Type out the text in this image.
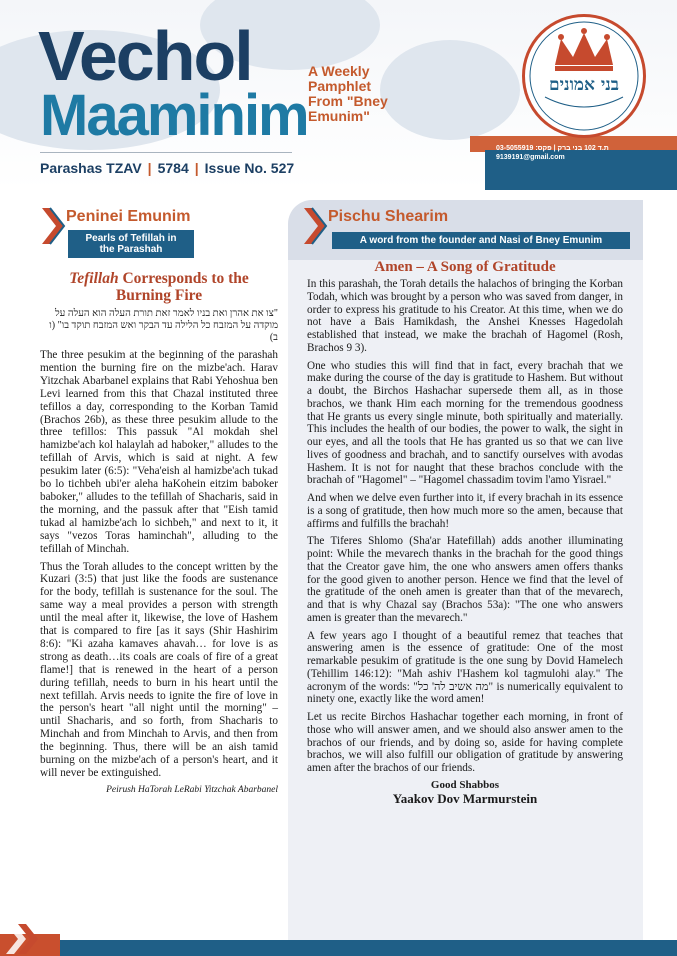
Vechol
Maaminim
A Weekly Pamphlet From "Bney Emunim"
Parashas TZAV | 5784 | Issue No. 527
ת.ד 102 בני ברק | פקס: 03-5055919
9139191@gmail.com
בני אמונים
Peninei Emunim
Pearls of Tefillah in the Parashah
Tefillah Corresponds to the Burning Fire
"צו את אהרן ואת בניו לאמר זאת תורת העלה הוא העלה על מוקדה על המזבח כל הלילה עד הבקר ואש המזבח תוקד בו" (ו ב)

The three pesukim at the beginning of the parashah mention the burning fire on the mizbe'ach. Harav Yitzchak Abarbanel explains that Rabi Yehoshua ben Levi learned from this that Chazal instituted three tefillos a day, corresponding to the Korban Tamid (Brachos 26b), as these three pesukim allude to the three tefillos: This passuk "Al mokdah shel hamizbe'ach kol halaylah ad haboker," alludes to the tefillah of Arvis, which is said at night. A few pesukim later (6:5): "Veha'eish al hamizbe'ach tukad bo lo tichbeh ubi'er aleha haKohein eitzim baboker baboker," alludes to the tefillah of Shacharis, said in the morning, and the passuk after that "Eish tamid tukad al hamizbe'ach lo sichbeh," and next to it, it says "vezos Toras haminchah", alluding to the tefillah of Minchah.

Thus the Torah alludes to the concept written by the Kuzari (3:5) that just like the foods are sustenance for the body, tefillah is sustenance for the soul. The same way a meal provides a person with strength until the meal after it, likewise, the love of Hashem that is compared to fire [as it says (Shir Hashirim 8:6): "Ki azaha kamaves ahavah… for love is as strong as death…its coals are coals of fire of a great flame!] that is renewed in the heart of a person during tefillah, needs to burn in his heart until the next tefillah. Arvis needs to ignite the fire of love in the person's heart "all night until the morning" – until Shacharis, and so forth, from Shacharis to Minchah and from Minchah to Arvis, and then from the beginning. Thus, there will be an aish tamid burning on the mizbe'ach of a person's heart, and it will never be extinguished.

Peirush HaTorah LeRabi Yitzchak Abarbanel
Pischu Shearim
A word from the founder and Nasi of Bney Emunim
Amen – A Song of Gratitude

In this parashah, the Torah details the halachos of bringing the Korban Todah, which was brought by a person who was saved from danger, in order to express his gratitude to his Creator. At this time, when we do not have a Bais Hamikdash, the Anshei Knesses Hagedolah established that instead, we make the brachah of Hagomel (Rosh, Brachos 9 3).

One who studies this will find that in fact, every brachah that we make during the course of the day is gratitude to Hashem. But without a doubt, the Birchos Hashachar supersede them all, as in those brachos, we thank Him each morning for the tremendous goodness that He grants us every single minute, both spiritually and materially. This includes the health of our bodies, the power to walk, the sight in our eyes, and all the tools that He has granted us so that we can live lives of goodness and brachah, and to sanctify ourselves with avodas Hashem. It is not for naught that these brachos conclude with the brachah of "Hagomel" – "Hagomel chassadim tovim l'amo Yisrael."

And when we delve even further into it, if every brachah in its essence is a song of gratitude, then how much more so the amen, because that affirms and fulfills the brachah!

The Tiferes Shlomo (Sha'ar Hatefillah) adds another illuminating point: While the mevarech thanks in the brachah for the good things that the Creator gave him, the one who answers amen offers thanks for the good given to another person. Hence we find that the level of the gratitude of the oneh amen is greater than that of the mevarech, and that is why Chazal say (Brachos 53a): "The one who answers amen is greater than the mevarech."

A few years ago I thought of a beautiful remez that teaches that answering amen is the essence of gratitude: One of the most remarkable pesukim of gratitude is the one sung by Dovid Hamelech (Tehillim 146:12): "Mah ashiv l'Hashem kol tagmulohi alay." The acronym of the words: "מה אשיב לה' כל" is numerically equivalent to ninety one, exactly like the word amen!

Let us recite Birchos Hashachar together each morning, in front of those who will answer amen, and we should also answer amen to the brachos of our friends, and by doing so, aside for having complete brachos, we will also fulfill our obligation of gratitude by answering amen after the brachos of our friends.

Good Shabbos
Yaakov Dov Marmurstein
